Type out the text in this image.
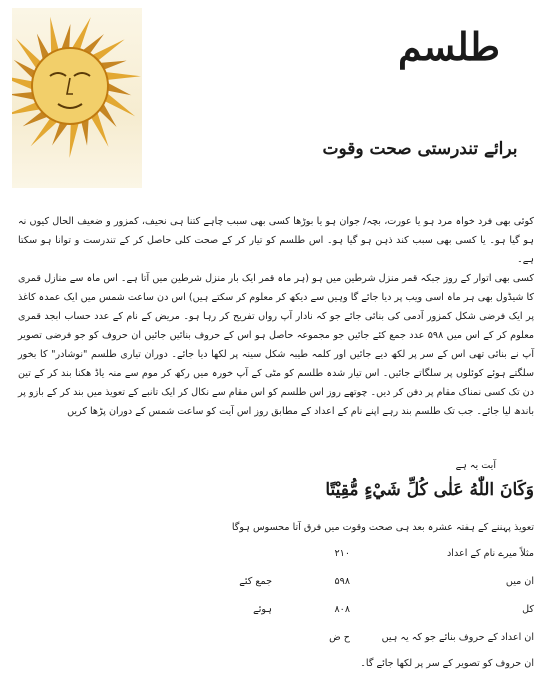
طلسم
برائے تندرستی صحت وقوت

کوئی بھی فرد خواہ مرد ہو یا عورت، بچہ/ جوان ہو یا بوڑھا کسی بھی سبب چاہے کتنا ہی نحیف، کمزور و ضعیف الحال کیوں نہ ہو گیا ہو۔ یا کسی بھی سبب کند ذہن ہو گیا ہو۔ اس طلسم کو تیار کر کے صحت کلی حاصل کر کے تندرست و توانا ہو سکتا ہے۔

کسی بھی اتوار کے روز جبکہ قمر منزل شرطین میں ہو (ہر ماہ قمر ایک بار منزل شرطین میں آتا ہے۔ اس ماہ سے منازل قمری کا شیڈول بھی ہر ماہ اسی ویب پر دیا جائے گا وہیں سے دیکھ کر معلوم کر سکتے ہیں) اس دن ساعت شمس میں ایک عمدہ کاغذ پر ایک فرضی شکل کمزور آدمی کی بنائی جائے جو کہ نادار آپ رواں تفریح کر رہا ہو۔ مریض کے نام کے عدد حساب ابجد قمری معلوم کر کے اس میں ۵۹۸ عدد جمع کئے جائیں جو مجموعہ حاصل ہو اس کے حروف بنائیں جائیں ان حروف کو جو فرضی تصویر آپ نے بنائی تھی اس کے سر پر لکھ دیے جائیں اور کلمہ طیبہ شکل سینہ پر لکھا دیا جائے۔ دوران تیاری طلسم "نوشادر" کا بخور سلگتے ہوئے کوئلوں پر سلگاتے جائیں۔ اس تیار شدہ طلسم کو مٹی کے آپ خورہ میں رکھ کر موم سے منہ یاڈ ھکنا بند کر کے تین دن تک کسی نمناک مقام پر دفن کر دیں۔ چوتھے روز اس طلسم کو اس مقام سے نکال کر ایک تانبے کے تعویذ میں بند کر کے بازو پر باندھ لیا جائے۔ جب تک طلسم بند رہے اپنے نام کے اعداد کے مطابق روز اس آیت کو ساعت شمس کے دوران پڑھا کریں

آیت یہ ہے
وَكَانَ اللّٰهُ عَلٰى كُلِّ شَيْءٍ مُّقِيْتًا
تعویذ پہننے کے ہفتہ عشرہ بعد ہی صحت وقوت میں فرق آتا محسوس ہوگا
مثلاً میرے نام کے اعداد
۲۱۰
ان میں
۵۹۸
جمع کئے
کل
۸۰۸
ہوئے
ان اعداد کے حروف بنائے جو کہ یہ ہیں
ح ض
ان حروف کو تصویر کے سر پر لکھا جائے گا۔
